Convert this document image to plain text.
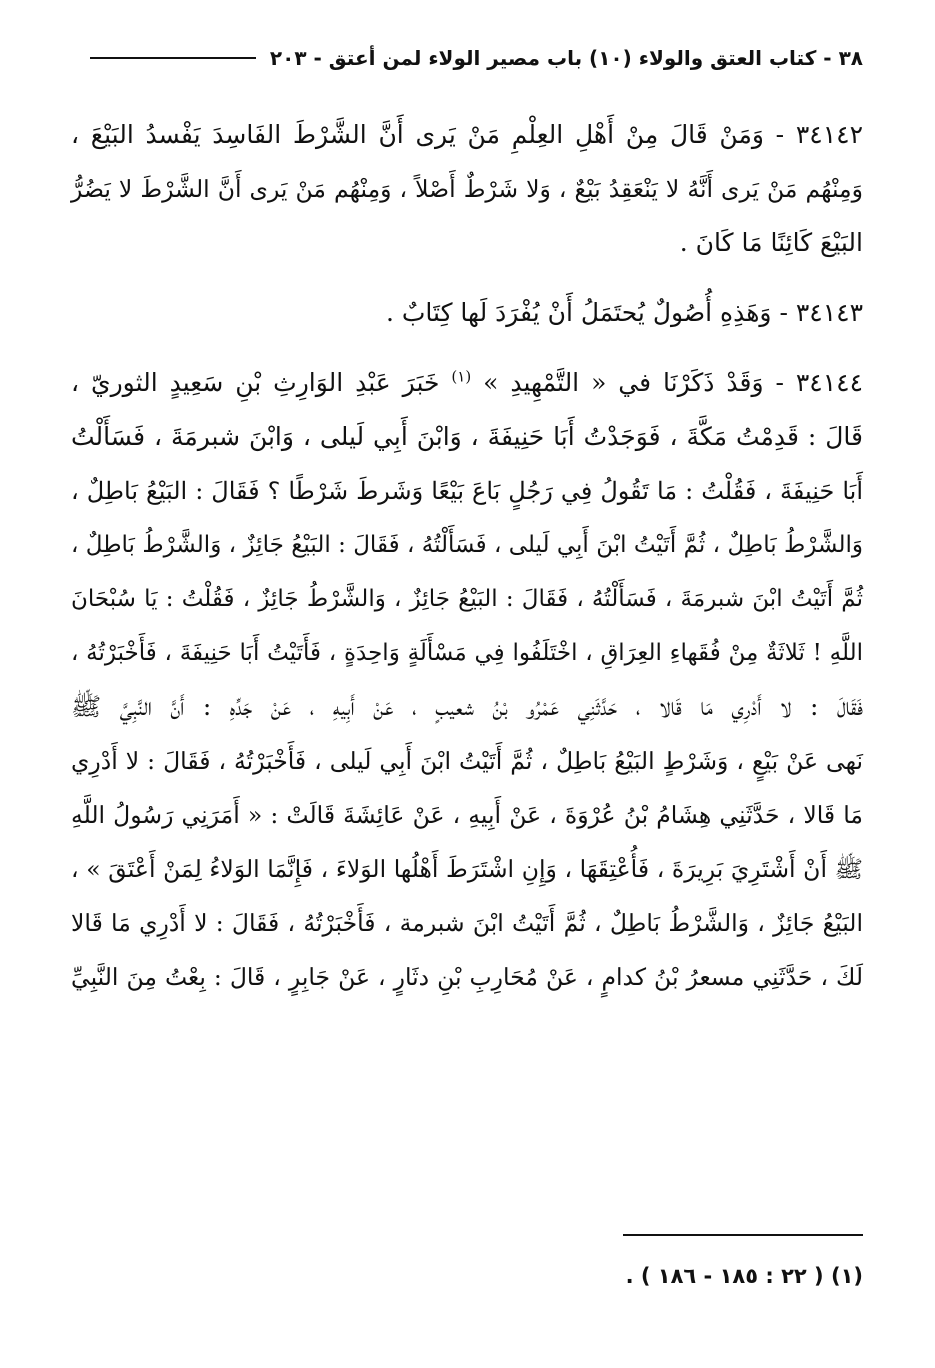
٣٨ - كتاب العتق والولاء (١٠) باب مصير الولاء لمن أعتق - ٢٠٣
٣٤١٤٢ - وَمَنْ قَالَ مِنْ أَهْلِ العِلْمِ مَنْ يَرى أَنَّ الشَّرْطَ الفَاسِدَ يَفْسدُ البَيْعَ ،
وَمِنْهُم مَنْ يَرى أَنَّهُ لا يَنْعَقِدُ بَيْعٌ ، وَلا شَرْطٌ أَصْلاً ، وَمِنْهُم مَنْ يَرى أَنَّ الشَّرْطَ لا يَضُرُّ
البَيْعَ كَائِنًا مَا كَانَ .
٣٤١٤٣ - وَهَذِهِ أُصُولٌ يُحتَمَلُ أَنْ يُفْرَدَ لَها كِتَابٌ .
٣٤١٤٤ - وَقَدْ ذَكَرْنَا في « التَّمْهِيدِ » $^{(١)}$ خَبَرَ عَبْدِ الوَارِثِ بْنِ سَعِيدٍ الثوريّ ،
قَالَ : قَدِمْتُ مَكَّةَ ، فَوَجَدْتُ أَبَا حَنِيفَةَ ، وَابْنَ أَبِي لَيلى ، وَابْنَ شبرمَةَ ، فَسَأَلْتُ
أَبَا حَنِيفَةَ ، فَقُلْتُ : مَا تَقُولُ فِي رَجُلٍ بَاعَ بَيْعًا وَشَرطَ شَرْطًا ؟ فَقَالَ : البَيْعُ بَاطِلٌ ،
وَالشَّرْطُ بَاطِلٌ ، ثُمَّ أَتَيْتُ ابْنَ أَبِي لَيلى ، فَسَأَلْتُهُ ، فَقَالَ : البَيْعُ جَائِزٌ ، وَالشَّرْطُ بَاطِلٌ ،
ثُمَّ أَتَيْتُ ابْنَ شبرمَةَ ، فَسَأَلْتُهُ ، فَقَالَ : البَيْعُ جَائِزٌ ، وَالشَّرْطُ جَائِزٌ ، فَقُلْتُ : يَا سُبْحَانَ
اللَّهِ ! ثَلاثَةٌ مِنْ فُقَهاءِ العِرَاقِ ، اخْتَلَفُوا فِي مَسْأَلَةٍ وَاحِدَةٍ ، فَأَتَيْتُ أَبَا حَنِيفَةَ ، فَأَخْبَرْتُهُ ،
فَقَالَ : لا أَدْرِي مَا قَالا ، حَدَّثَنِي عَمْرُو بْنُ شعيبٍ ، عَنْ أَبِيهِ ، عَنْ جَدِّهِ : أَنَّ النَّبِيَّ ﷺ
نَهى عَنْ بَيْعٍ ، وَشَرْطٍ البَيْعُ بَاطِلٌ ، ثُمَّ أَتَيْتُ ابْنَ أَبِي لَيلى ، فَأَخْبَرْتُهُ ، فَقَالَ : لا أَدْرِي
مَا قَالا ، حَدَّثَنِي هِشَامُ بْنُ عُرْوَةَ ، عَنْ أَبِيهِ ، عَنْ عَائِشَةَ قَالَتْ : « أَمَرَنِي رَسُولُ اللَّهِ
ﷺ أَنْ أَشْتَرِيَ بَرِيرَةَ ، فَأُعْتِقَهَا ، وَإِنِ اشْتَرَطَ أَهْلُها الوَلاءَ ، فَإِنَّمَا الوَلاءُ لِمَنْ أَعْتَقَ » ،
البَيْعُ جَائِزٌ ، وَالشَّرْطُ بَاطِلٌ ، ثُمَّ أَتَيْتُ ابْنَ شبرمة ، فَأَخْبَرْتُهُ ، فَقَالَ : لا أَدْرِي مَا قَالا
لَكَ ، حَدَّثَنِي مسعرُ بْنُ كدامٍ ، عَنْ مُحَارِبِ بْنِ دثَارٍ ، عَنْ جَابِرٍ ، قَالَ : بِعْتُ مِنَ النَّبِيِّ
(١) ( ٢٢ : ١٨٥ - ١٨٦ ) .
